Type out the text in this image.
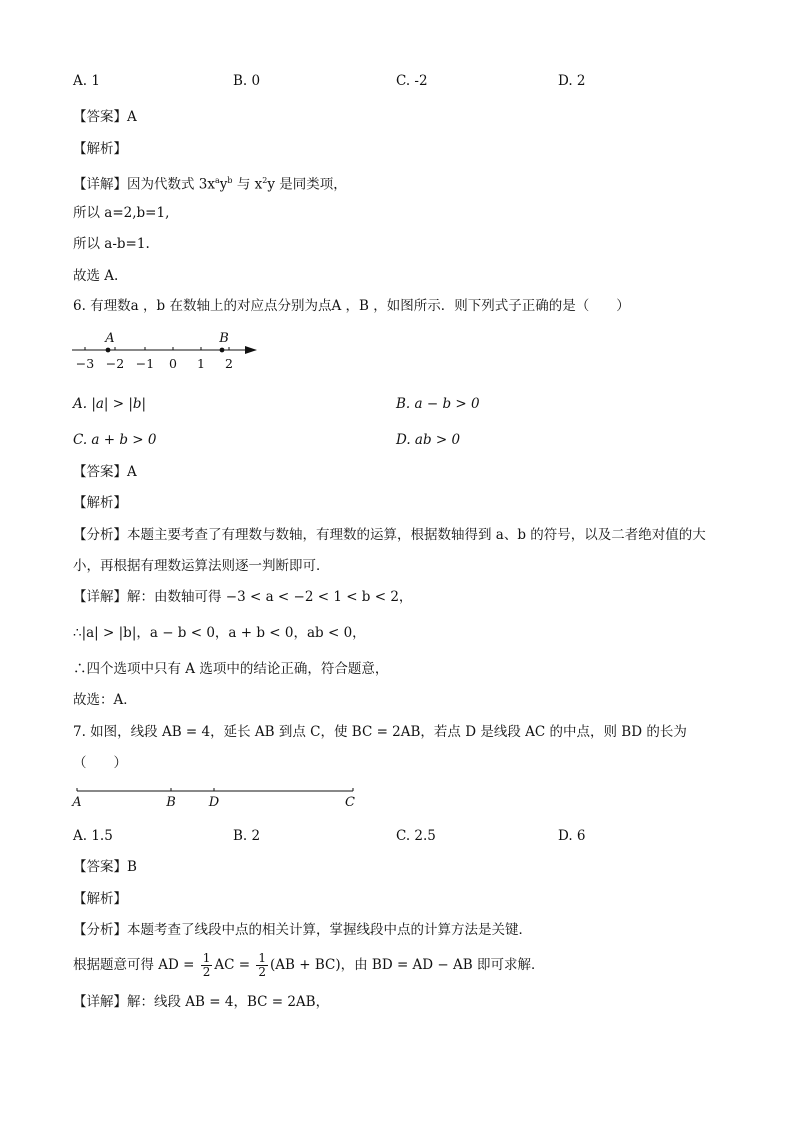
A. 1	B. 0	C. -2	D. 2
【答案】A
【解析】
【详解】因为代数式 $3x^ay^b$ 与 $x^2y$ 是同类项，
所以 a=2,b=1,
所以 a-b=1.
故选 A.
6. 有理数a ，b 在数轴上的对应点分别为点A ，B ，如图所示．则下列式子正确的是（　　）
A	B
−3 −2 −1 0 1 2
A. |a| > |b|	B. a − b > 0
C. a + b > 0	D. ab > 0
【答案】A
【解析】
【分析】本题主要考查了有理数与数轴，有理数的运算，根据数轴得到 a、b 的符号，以及二者绝对值的大
小，再根据有理数运算法则逐一判断即可．
【详解】解：由数轴可得 −3 < a < −2 < 1 < b < 2，
∴|a| > |b|，a − b < 0，a + b < 0，ab < 0，
∴四个选项中只有 A 选项中的结论正确，符合题意，
故选：A．
7. 如图，线段 AB = 4，延长 AB 到点 C，使 BC = 2AB，若点 D 是线段 AC 的中点，则 BD 的长为
（　　）
A	B	D	C
A. 1.5	B. 2	C. 2.5	D. 6
【答案】B
【解析】
【分析】本题考查了线段中点的相关计算，掌握线段中点的计算方法是关键．
根据题意可得 AD = $\frac{1}{2}$ AC = $\frac{1}{2} (AB + BC)$，由 BD = AD − AB 即可求解．
【详解】解：线段 AB = 4，BC = 2AB，
